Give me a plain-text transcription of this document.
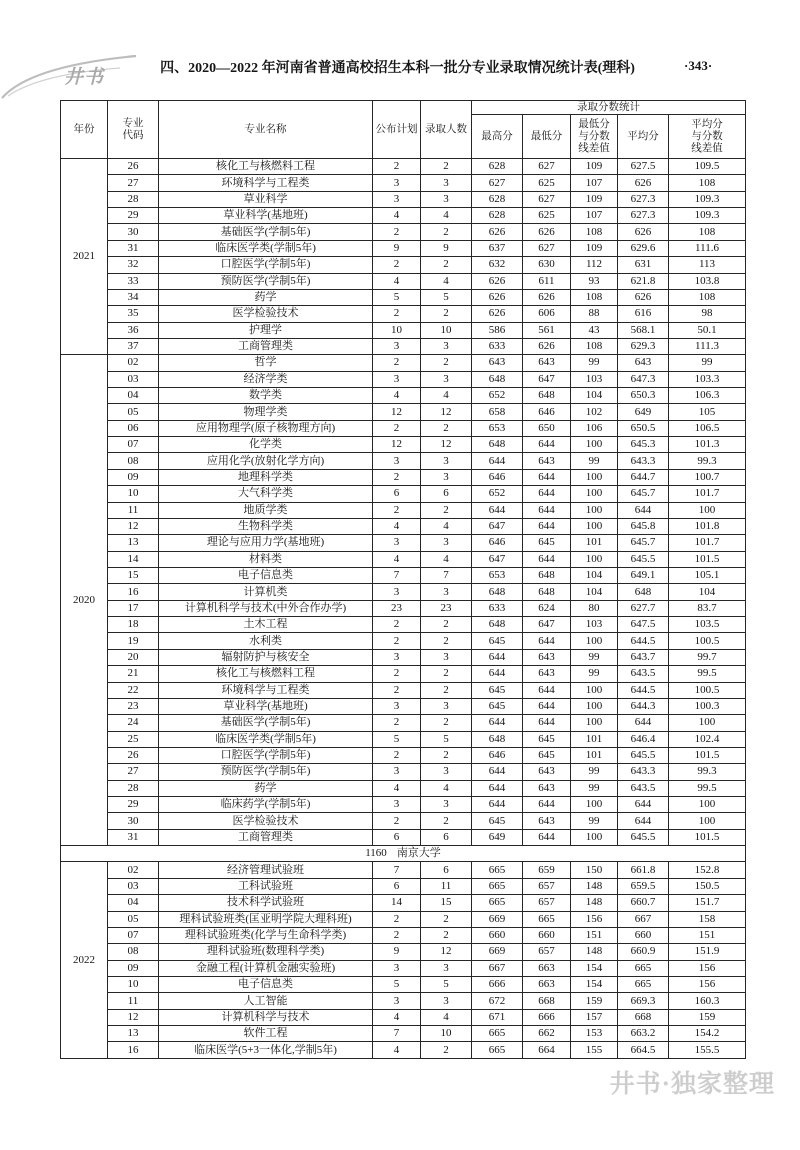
井书	四、2020—2022 年河南省普通高校招生本科一批分专业录取情况统计表(理科)	·343·
年份	专业代码	专业名称	公布计划	录取人数	录取分数统计				
					最高分	最低分	最低分与分数线差值	平均分	平均分与分数线差值
2021	26	核化工与核燃料工程	2	2	628	627	109	627.5	109.5
	27	环境科学与工程类	3	3	627	625	107	626	108
	28	草业科学	3	3	628	627	109	627.3	109.3
	29	草业科学(基地班)	4	4	628	625	107	627.3	109.3
	30	基础医学(学制5年)	2	2	626	626	108	626	108
	31	临床医学类(学制5年)	9	9	637	627	109	629.6	111.6
	32	口腔医学(学制5年)	2	2	632	630	112	631	113
	33	预防医学(学制5年)	4	4	626	611	93	621.8	103.8
	34	药学	5	5	626	626	108	626	108
	35	医学检验技术	2	2	626	606	88	616	98
	36	护理学	10	10	586	561	43	568.1	50.1
	37	工商管理类	3	3	633	626	108	629.3	111.3
2020	02	哲学	2	2	643	643	99	643	99
	03	经济学类	3	3	648	647	103	647.3	103.3
	04	数学类	4	4	652	648	104	650.3	106.3
	05	物理学类	12	12	658	646	102	649	105
	06	应用物理学(原子核物理方向)	2	2	653	650	106	650.5	106.5
	07	化学类	12	12	648	644	100	645.3	101.3
	08	应用化学(放射化学方向)	3	3	644	643	99	643.3	99.3
	09	地理科学类	2	3	646	644	100	644.7	100.7
	10	大气科学类	6	6	652	644	100	645.7	101.7
	11	地质学类	2	2	644	644	100	644	100
	12	生物科学类	4	4	647	644	100	645.8	101.8
	13	理论与应用力学(基地班)	3	3	646	645	101	645.7	101.7
	14	材料类	4	4	647	644	100	645.5	101.5
	15	电子信息类	7	7	653	648	104	649.1	105.1
	16	计算机类	3	3	648	648	104	648	104
	17	计算机科学与技术(中外合作办学)	23	23	633	624	80	627.7	83.7
	18	土木工程	2	2	648	647	103	647.5	103.5
	19	水利类	2	2	645	644	100	644.5	100.5
	20	辐射防护与核安全	3	3	644	643	99	643.7	99.7
	21	核化工与核燃料工程	2	2	644	643	99	643.5	99.5
	22	环境科学与工程类	2	2	645	644	100	644.5	100.5
	23	草业科学(基地班)	3	3	645	644	100	644.3	100.3
	24	基础医学(学制5年)	2	2	644	644	100	644	100
	25	临床医学类(学制5年)	5	5	648	645	101	646.4	102.4
	26	口腔医学(学制5年)	2	2	646	645	101	645.5	101.5
	27	预防医学(学制5年)	3	3	644	643	99	643.3	99.3
	28	药学	4	4	644	643	99	643.5	99.5
	29	临床药学(学制5年)	3	3	644	644	100	644	100
	30	医学检验技术	2	2	645	643	99	644	100
	31	工商管理类	6	6	649	644	100	645.5	101.5
1160 南京大学									
2022	02	经济管理试验班	7	6	665	659	150	661.8	152.8
	03	工科试验班	6	11	665	657	148	659.5	150.5
	04	技术科学试验班	14	15	665	657	148	660.7	151.7
	05	理科试验班类(匡亚明学院大理科班)	2	2	669	665	156	667	158
	07	理科试验班类(化学与生命科学类)	2	2	660	660	151	660	151
	08	理科试验班(数理科学类)	9	12	669	657	148	660.9	151.9
	09	金融工程(计算机金融实验班)	3	3	667	663	154	665	156
	10	电子信息类	5	5	666	663	154	665	156
	11	人工智能	3	3	672	668	159	669.3	160.3
	12	计算机科学与技术	4	4	671	666	157	668	159
	13	软件工程	7	10	665	662	153	663.2	154.2
	16	临床医学(5+3一体化,学制5年)	4	2	665	664	155	664.5	155.5
井书·独家整理
